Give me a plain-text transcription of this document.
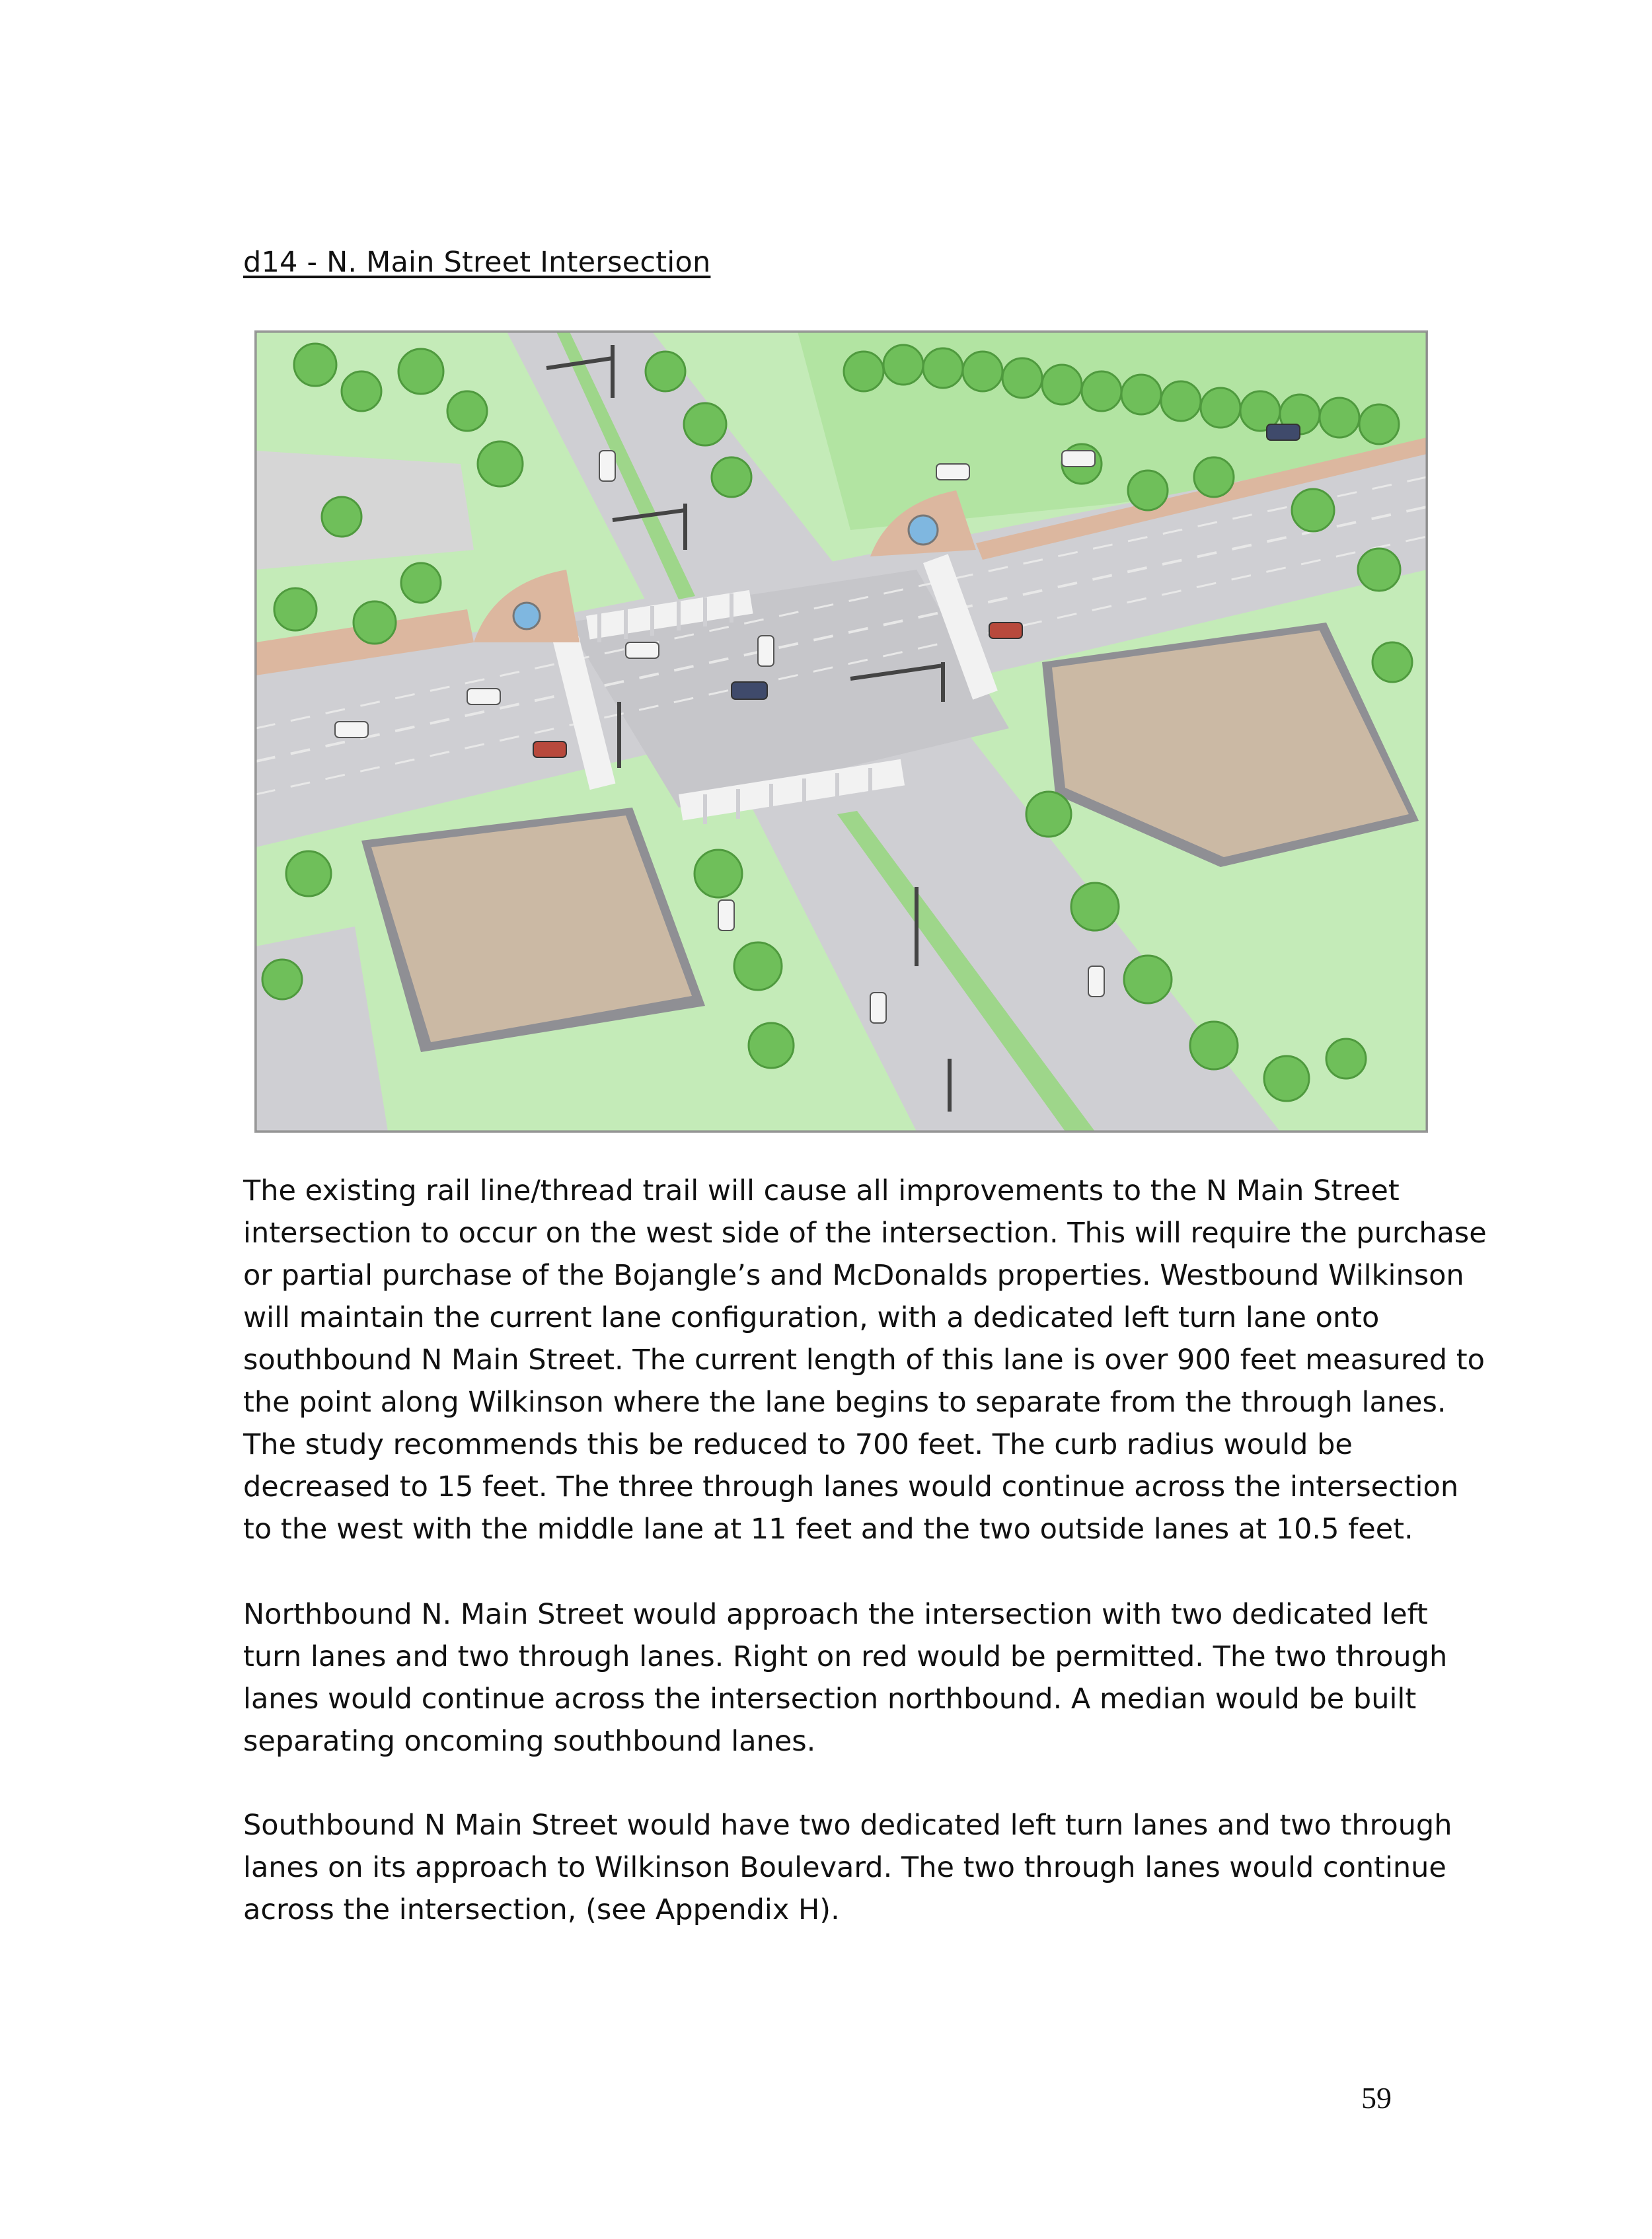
d14 - N. Main Street Intersection
The existing rail line/thread trail will cause all improvements to the N Main Street
intersection to occur on the west side of the intersection. This will require the purchase
or partial purchase of the Bojangle’s and McDonalds properties. Westbound Wilkinson
will maintain the current lane configuration, with a dedicated left turn lane onto
southbound N Main Street. The current length of this lane is over 900 feet measured to
the point along Wilkinson where the lane begins to separate from the through lanes.
The study recommends this be reduced to 700 feet. The curb radius would be
decreased to 15 feet. The three through lanes would continue across the intersection
to the west with the middle lane at 11 feet and the two outside lanes at 10.5 feet.
Northbound N. Main Street would approach the intersection with two dedicated left
turn lanes and two through lanes. Right on red would be permitted. The two through
lanes would continue across the intersection northbound. A median would be built
separating oncoming southbound lanes.
Southbound N Main Street would have two dedicated left turn lanes and two through
lanes on its approach to Wilkinson Boulevard. The two through lanes would continue
across the intersection, (see Appendix H).
59
